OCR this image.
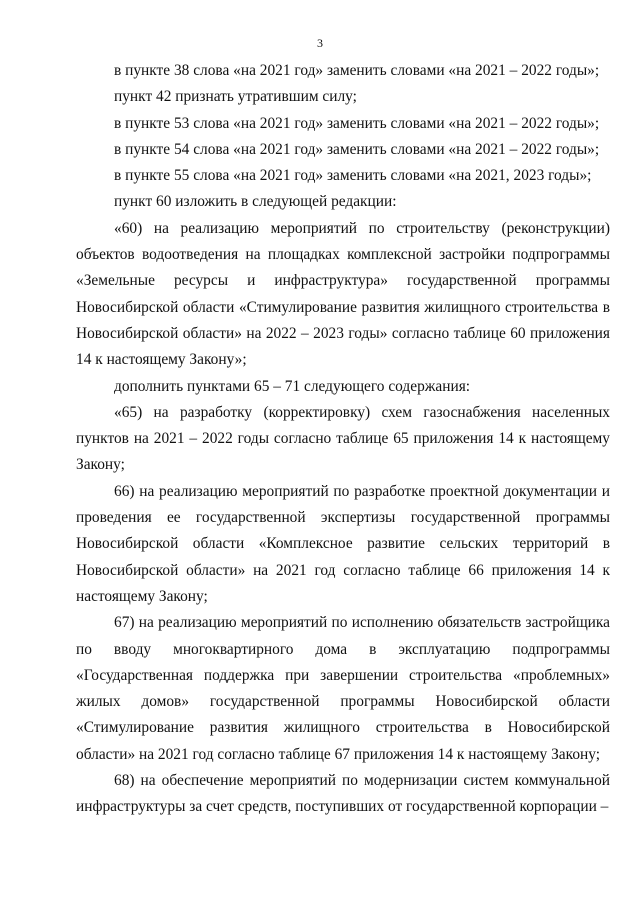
3

в пункте 38 слова «на 2021 год» заменить словами «на 2021 – 2022 годы»;

пункт 42 признать утратившим силу;

в пункте 53 слова «на 2021 год» заменить словами «на 2021 – 2022 годы»;

в пункте 54 слова «на 2021 год» заменить словами «на 2021 – 2022 годы»;

в пункте 55 слова «на 2021 год» заменить словами «на 2021, 2023 годы»;

пункт 60 изложить в следующей редакции:

«60) на реализацию мероприятий по строительству (реконструкции) объектов водоотведения на площадках комплексной застройки подпрограммы «Земельные ресурсы и инфраструктура» государственной программы Новосибирской области «Стимулирование развития жилищного строительства в Новосибирской области» на 2022 – 2023 годы» согласно таблице 60 приложения 14 к настоящему Закону»;

дополнить пунктами 65 – 71 следующего содержания:

«65) на разработку (корректировку) схем газоснабжения населенных пунктов на 2021 – 2022 годы согласно таблице 65 приложения 14 к настоящему Закону;

66) на реализацию мероприятий по разработке проектной документации и проведения ее государственной экспертизы государственной программы Новосибирской области «Комплексное развитие сельских территорий в Новосибирской области» на 2021 год согласно таблице 66 приложения 14 к настоящему Закону;

67) на реализацию мероприятий по исполнению обязательств застройщика по вводу многоквартирного дома в эксплуатацию подпрограммы «Государственная поддержка при завершении строительства «проблемных» жилых домов» государственной программы Новосибирской области «Стимулирование развития жилищного строительства в Новосибирской области» на 2021 год согласно таблице 67 приложения 14 к настоящему Закону;

68) на обеспечение мероприятий по модернизации систем коммунальной инфраструктуры за счет средств, поступивших от государственной корпорации –
